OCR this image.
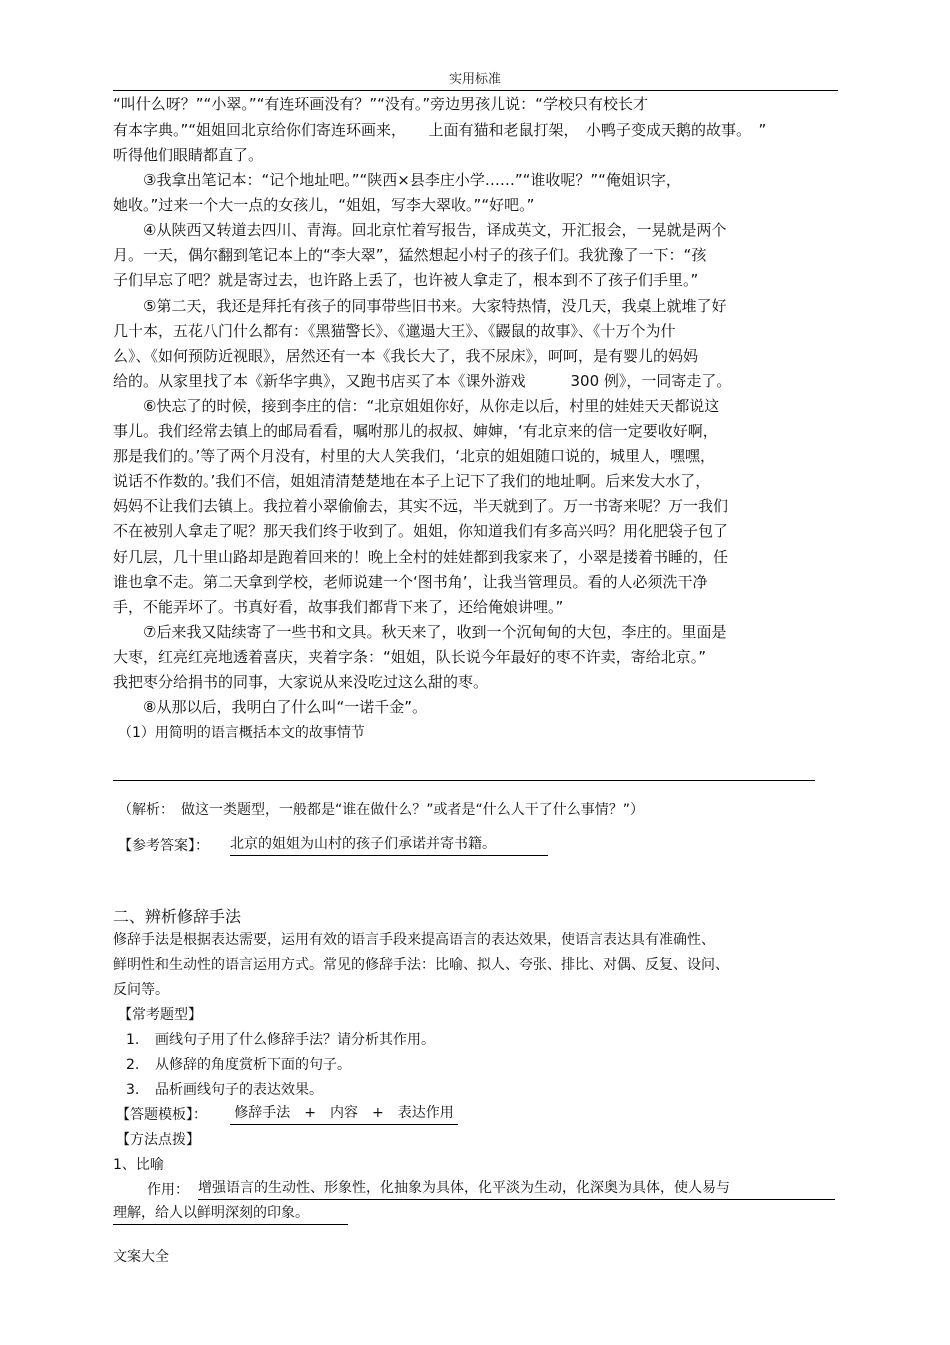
实用标准
“叫什么呀？”“小翠。”“有连环画没有？”“没有。”旁边男孩儿说：“学校只有校长才
有本字典。”“姐姐回北京给你们寄连环画来，　　上面有猫和老鼠打架，　小鸭子变成天鹅的故事。　”
听得他们眼睛都直了。
③我拿出笔记本：“记个地址吧。”“陕西×县李庄小学……”“谁收呢？”“俺姐识字，
她收。”过来一个大一点的女孩儿，“姐姐，写李大翠收。”“好吧。”
④从陕西又转道去四川、青海。回北京忙着写报告，译成英文，开汇报会，一晃就是两个
月。一天，偶尔翻到笔记本上的“李大翠”，猛然想起小村子的孩子们。我犹豫了一下：“孩
子们早忘了吧？就是寄过去，也许路上丢了，也许被人拿走了，根本到不了孩子们手里。”
⑤第二天，我还是拜托有孩子的同事带些旧书来。大家特热情，没几天，我桌上就堆了好
几十本，五花八门什么都有：《黑猫警长》、《邋遢大王》、《鼹鼠的故事》、《十万个为什
么》、《如何预防近视眼》，居然还有一本《我长大了，我不尿床》，呵呵，是有婴儿的妈妈
给的。从家里找了本《新华字典》，又跑书店买了本《课外游戏　　　300 例》，一同寄走了。
⑥快忘了的时候，接到李庄的信：“北京姐姐你好，从你走以后，村里的娃娃天天都说这
事儿。我们经常去镇上的邮局看看，嘱咐那儿的叔叔、婶婶，‘有北京来的信一定要收好啊，
那是我们的。’等了两个月没有，村里的大人笑我们，‘北京的姐姐随口说的，城里人，嘿嘿，
说话不作数的。’我们不信，姐姐清清楚楚地在本子上记下了我们的地址啊。后来发大水了，
妈妈不让我们去镇上。我拉着小翠偷偷去，其实不远，半天就到了。万一书寄来呢？万一我们
不在被别人拿走了呢？那天我们终于收到了。姐姐，你知道我们有多高兴吗？用化肥袋子包了
好几层，几十里山路却是跑着回来的！晚上全村的娃娃都到我家来了，小翠是搂着书睡的，任
谁也拿不走。第二天拿到学校，老师说建一个‘图书角’，让我当管理员。看的人必须洗干净
手，不能弄坏了。书真好看，故事我们都背下来了，还给俺娘讲哩。”
⑦后来我又陆续寄了一些书和文具。秋天来了，收到一个沉甸甸的大包，李庄的。里面是
大枣，红亮红亮地透着喜庆，夹着字条：“姐姐，队长说今年最好的枣不许卖，寄给北京。”
我把枣分给捐书的同事，大家说从来没吃过这么甜的枣。
⑧从那以后，我明白了什么叫“一诺千金”。
（1）用简明的语言概括本文的故事情节
（解析：　做这一类题型，一般都是“谁在做什么？”或者是“什么人干了什么事情？”）
【参考答案】： 北京的姐姐为山村的孩子们承诺并寄书籍。
二、辨析修辞手法
修辞手法是根据表达需要，运用有效的语言手段来提高语言的表达效果，使语言表达具有准确性、
鲜明性和生动性的语言运用方式。常见的修辞手法：比喻、拟人、夸张、排比、对偶、反复、设问、
反问等。
【常考题型】
1. 画线句子用了什么修辞手法？请分析其作用。
2. 从修辞的角度赏析下面的句子。
3. 品析画线句子的表达效果。
【答题模板】：	修辞手法　+　内容　+　表达作用
【方法点拨】
1、比喻
作用： 增强语言的生动性、形象性，化抽象为具体，化平淡为生动，化深奥为具体，使人易与
理解，给人以鲜明深刻的印象。
文案大全
